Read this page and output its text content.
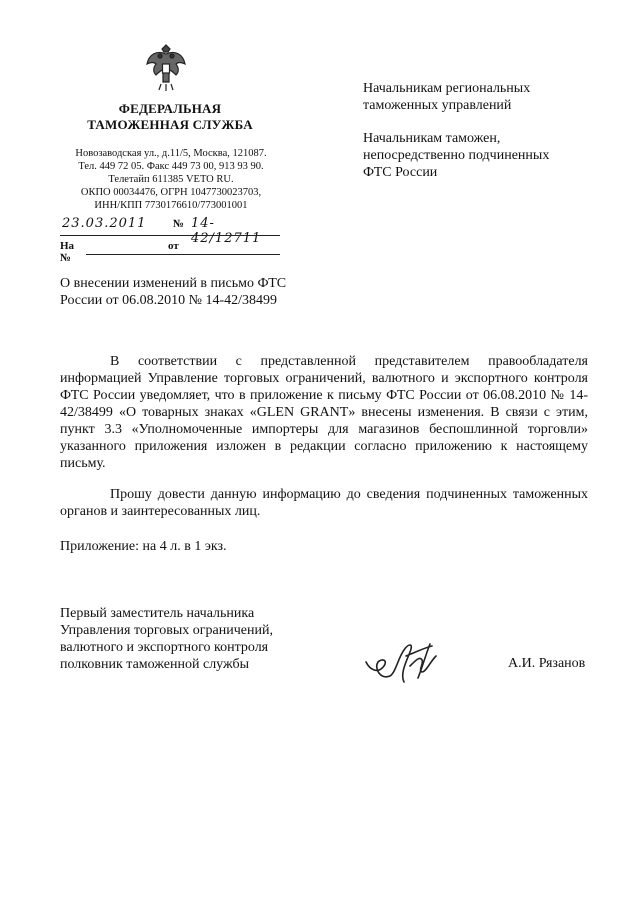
ФЕДЕРАЛЬНАЯ
ТАМОЖЕННАЯ СЛУЖБА
Новозаводская ул., д.11/5, Москва, 121087.
Тел. 449 72 05. Факс 449 73 00, 913 93 90.
Телетайп 611385 VETO RU.
ОКПО 00034476, ОГРН 1047730023703,
ИНН/КПП 7730176610/773001001
23.03.2011 № 14-42/12711
На №
от
Начальникам региональных
таможенных управлений
Начальникам таможен,
непосредственно подчиненных
ФТС России
О внесении изменений в письмо ФТС
России от 06.08.2010 № 14-42/38499

В соответствии с представленной представителем правообладателя информацией Управление торговых ограничений, валютного и экспортного контроля ФТС России уведомляет, что в приложение к письму ФТС России от 06.08.2010 № 14-42/38499 «О товарных знаках «GLEN GRANT» внесены изменения. В связи с этим, пункт 3.3 «Уполномоченные импортеры для магазинов беспошлинной торговли» указанного приложения изложен в редакции согласно приложению к настоящему письму.

Прошу довести данную информацию до сведения подчиненных таможенных органов и заинтересованных лиц.

Приложение: на 4 л. в 1 экз.
Первый заместитель начальника
Управления торговых ограничений,
валютного и экспортного контроля
полковник таможенной службы	А.И. Рязанов
